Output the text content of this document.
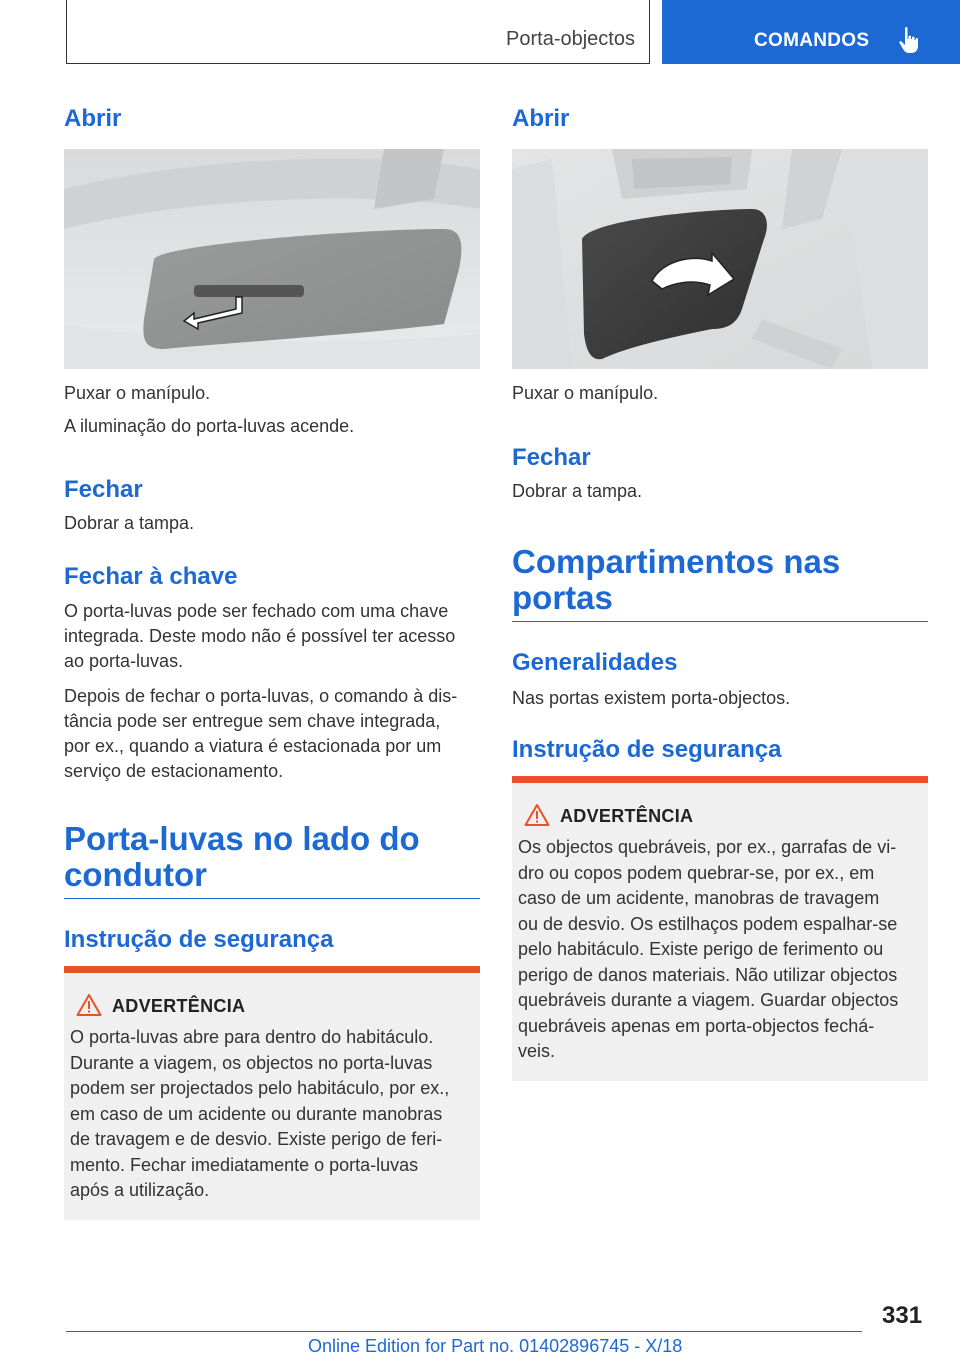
Porta-objectos	COMANDOS
Abrir
Puxar o manípulo.
A iluminação do porta-luvas acende.
Fechar
Dobrar a tampa.
Fechar à chave
O porta-luvas pode ser fechado com uma chave
integrada. Deste modo não é possível ter acesso
ao porta-luvas.
Depois de fechar o porta-luvas, o comando à dis-
tância pode ser entregue sem chave integrada,
por ex., quando a viatura é estacionada por um
serviço de estacionamento.
Porta-luvas no lado do
condutor
Instrução de segurança
ADVERTÊNCIA
O porta-luvas abre para dentro do habitáculo.
Durante a viagem, os objectos no porta-luvas
podem ser projectados pelo habitáculo, por ex.,
em caso de um acidente ou durante manobras
de travagem e de desvio. Existe perigo de feri-
mento. Fechar imediatamente o porta-luvas
após a utilização.
Abrir
Puxar o manípulo.
Fechar
Dobrar a tampa.
Compartimentos nas
portas
Generalidades
Nas portas existem porta-objectos.
Instrução de segurança
ADVERTÊNCIA
Os objectos quebráveis, por ex., garrafas de vi-
dro ou copos podem quebrar-se, por ex., em
caso de um acidente, manobras de travagem
ou de desvio. Os estilhaços podem espalhar-se
pelo habitáculo. Existe perigo de ferimento ou
perigo de danos materiais. Não utilizar objectos
quebráveis durante a viagem. Guardar objectos
quebráveis apenas em porta-objectos fechá-
veis.
331
Online Edition for Part no. 01402896745 - X/18
